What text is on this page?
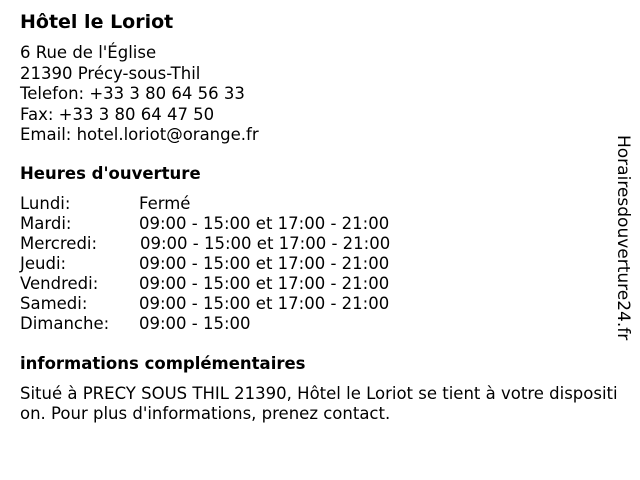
Hôtel le Loriot
6 Rue de l'Église
21390 Précy-sous-Thil
Telefon: +33 3 80 64 56 33
Fax: +33 3 80 64 47 50
Email: hotel.loriot@orange.fr
Heures d'ouverture
Lundi:	Fermé
Mardi:	09:00 - 15:00 et 17:00 - 21:00
Mercredi:	09:00 - 15:00 et 17:00 - 21:00
Jeudi:	09:00 - 15:00 et 17:00 - 21:00
Vendredi: 09:00 - 15:00 et 17:00 - 21:00
Samedi:	09:00 - 15:00 et 17:00 - 21:00
Dimanche: 09:00 - 15:00
informations complémentaires
Situé à PRECY SOUS THIL 21390, Hôtel le Loriot se tient à votre disposition. Pour plus d'informations, prenez contact.
Horairesdouverture24.fr
